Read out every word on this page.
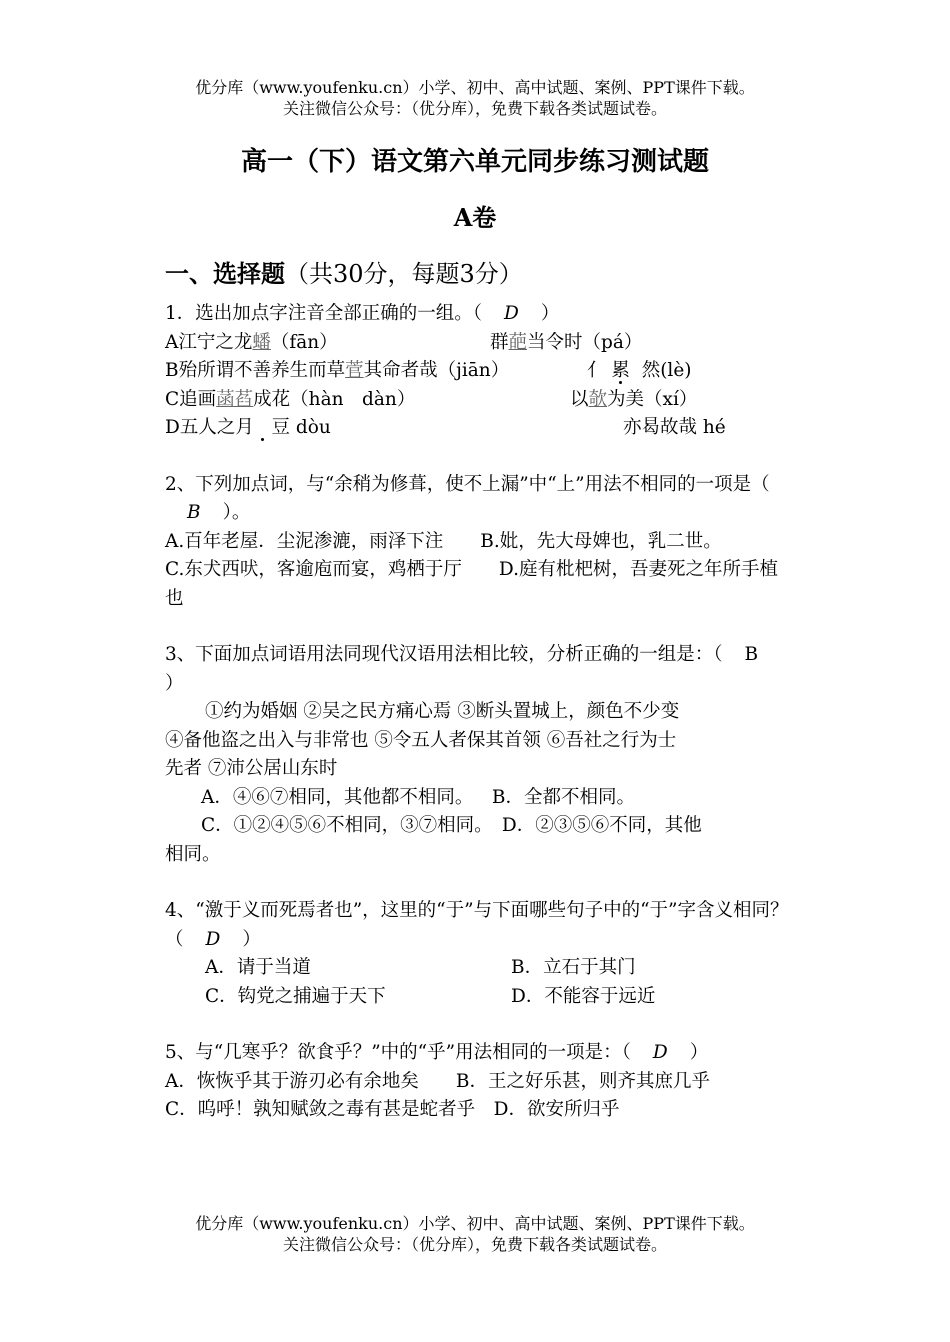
优分库（www.youfenku.cn）小学、初中、高中试题、案例、PPT课件下载。
关注微信公众号：（优分库），免费下载各类试题试卷。
高一（下）语文第六单元同步练习测试题
A卷
一、选择题（共30分，每题3分）

1．选出加点字注音全部正确的一组。（ D ）

A江宁之龙蟠（fān）	群葩当令时（pá）
B殆所谓不善养生而草菅其命者哉（jiān）	亻 累 然(lè)
C追画菡萏成花（hàn　dàn）	以欹为美（xí）
D五人之月 豆 dòu	亦曷故哉 hé

2、下列加点词，与“余稍为修葺，使不上漏”中“上”用法不相同的一项是（B ）。

A.百年老屋．尘泥渗漉，雨泽下注   B.妣，先大母婢也，乳二世。

C.东犬西吠，客逾庖而宴，鸡栖于厅   D.庭有枇杷树，吾妻死之年所手植也

3、下面加点词语用法同现代汉语用法相比较，分析正确的一组是：（ B）

①约为婚姻 ②吴之民方痛心焉 ③断头置城上，颜色不少变

④备他盗之出入与非常也 ⑤令五人者保其首领 ⑥吾社之行为士

先者 ⑦沛公居山东时

A．④⑥⑦相同，其他都不相同。  B．全都不相同。

C．①②④⑤⑥不相同，③⑦相同。  D．②③⑤⑥不同，其他

相同。

4、“激于义而死焉者也”，这里的“于”与下面哪些句子中的“于”字含义相同？（ D ）

A．请于当道	B．立石于其门
C．钩党之捕遍于天下	D．不能容于远近

5、与“几寒乎？欲食乎？”中的“乎”用法相同的一项是：（ D ）

A．恢恢乎其于游刃必有余地矣   B．王之好乐甚，则齐其庶几乎

C．呜呼！孰知赋敛之毒有甚是蛇者乎  D．欲安所归乎

优分库（www.youfenku.cn）小学、初中、高中试题、案例、PPT课件下载。
关注微信公众号：（优分库），免费下载各类试题试卷。
